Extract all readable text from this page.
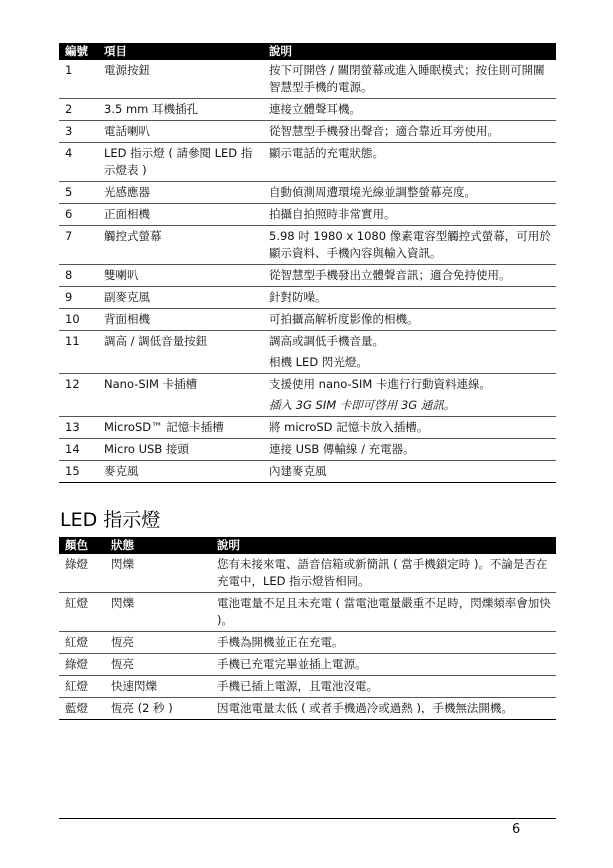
編號	項目	說明
1	電源按鈕	按下可開啓 / 關閉螢幕或進入睡眠模式；按住則可開關智慧型手機的電源。
2	3.5 mm 耳機插孔	連接立體聲耳機。
3	電話喇叭	從智慧型手機發出聲音；適合靠近耳旁使用。
4	LED 指示燈 ( 請參閱 LED 指示燈表 )	顯示電話的充電狀態。
5	光感應器	自動偵測周遭環境光線並調整螢幕亮度。
6	正面相機	拍攝自拍照時非常實用。
7	觸控式螢幕	5.98 吋 1980 x 1080 像素電容型觸控式螢幕，可用於顯示資料、手機內容與輸入資訊。
8	雙喇叭	從智慧型手機發出立體聲音訊；適合免持使用。
9	副麥克風	針對防噪。
10	背面相機	可拍攝高解析度影像的相機。
11	調高 / 調低音量按鈕	調高或調低手機音量。
相機 LED 閃光燈。

12	Nano-SIM 卡插槽	支援使用 nano-SIM 卡進行行動資料連線。
插入 3G SIM 卡即可啓用 3G 通訊。

13	MicroSD™ 記憶卡插槽	將 microSD 記憶卡放入插槽。
14	Micro USB 接頭	連接 USB 傳輸線 / 充電器。
15	麥克風	內建麥克風
LED 指示燈
顏色	狀態	說明
綠燈	閃爍	您有未接來電、語音信箱或新簡訊 ( 當手機鎖定時 )。不論是否在充電中，LED 指示燈皆相同。
紅燈	閃爍	電池電量不足且未充電 ( 當電池電量嚴重不足時，閃爍頻率會加快 )。
紅燈	恆亮	手機為開機並正在充電。
綠燈	恆亮	手機已充電完畢並插上電源。
紅燈	快速閃爍	手機已插上電源，且電池沒電。
藍燈	恆亮 (2 秒 )	因電池電量太低 ( 或者手機過冷或過熱 )，手機無法開機。
6
